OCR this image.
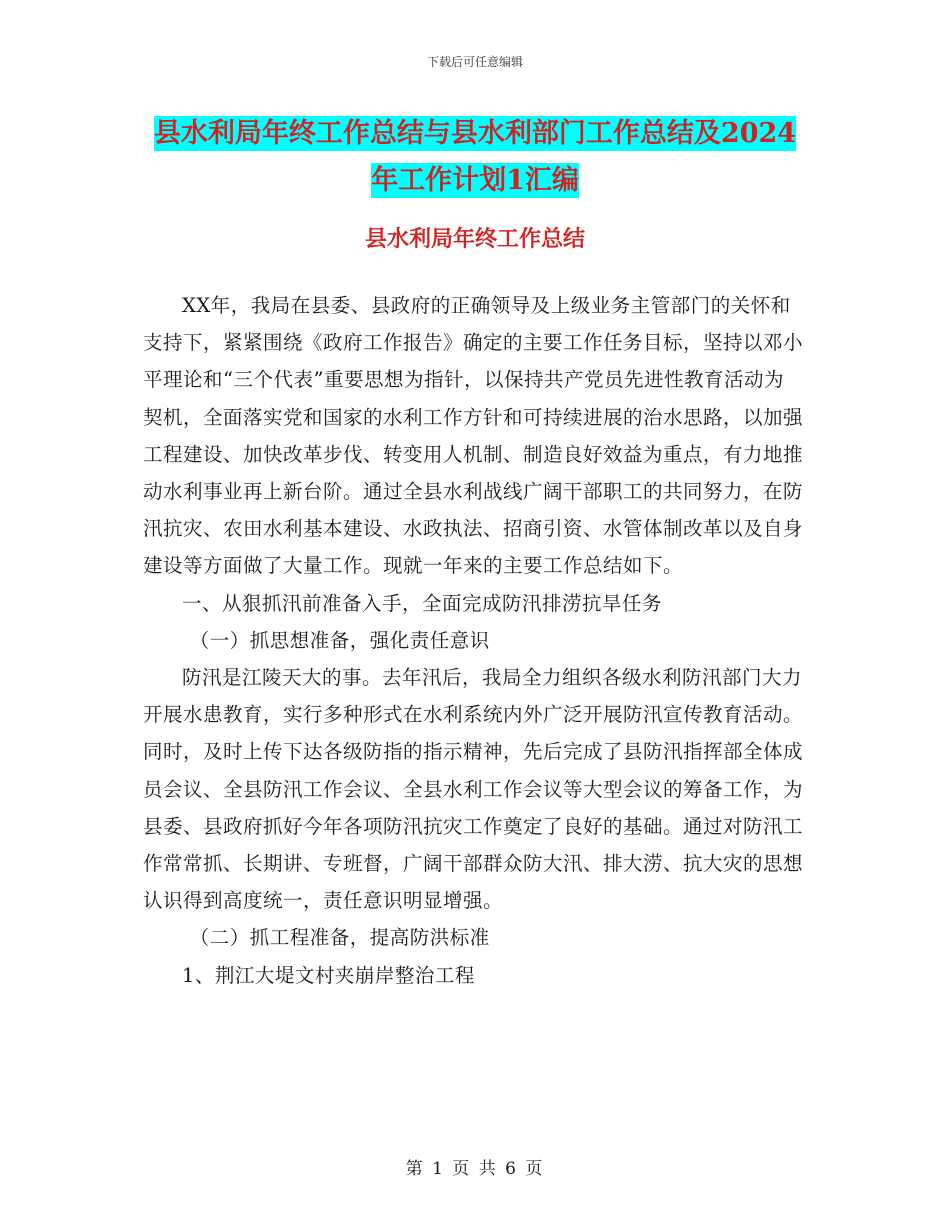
下载后可任意编辑
县水利局年终工作总结与县水利部门工作总结及2024
年工作计划1汇编
县水利局年终工作总结

XX年，我局在县委、县政府的正确领导及上级业务主管部门的关怀和支持下，紧紧围绕《政府工作报告》确定的主要工作任务目标，坚持以邓小平理论和“三个代表”重要思想为指针，以保持共产党员先进性教育活动为契机，全面落实党和国家的水利工作方针和可持续进展的治水思路，以加强工程建设、加快改革步伐、转变用人机制、制造良好效益为重点，有力地推动水利事业再上新台阶。通过全县水利战线广阔干部职工的共同努力，在防汛抗灾、农田水利基本建设、水政执法、招商引资、水管体制改革以及自身建设等方面做了大量工作。现就一年来的主要工作总结如下。

一、从狠抓汛前准备入手，全面完成防汛排涝抗旱任务

（一）抓思想准备，强化责任意识

防汛是江陵天大的事。去年汛后，我局全力组织各级水利防汛部门大力开展水患教育，实行多种形式在水利系统内外广泛开展防汛宣传教育活动。同时，及时上传下达各级防指的指示精神，先后完成了县防汛指挥部全体成员会议、全县防汛工作会议、全县水利工作会议等大型会议的筹备工作，为县委、县政府抓好今年各项防汛抗灾工作奠定了良好的基础。通过对防汛工作常常抓、长期讲、专班督，广阔干部群众防大汛、排大涝、抗大灾的思想认识得到高度统一，责任意识明显增强。

（二）抓工程准备，提高防洪标准

1、荆江大堤文村夹崩岸整治工程

第 1 页 共 6 页
